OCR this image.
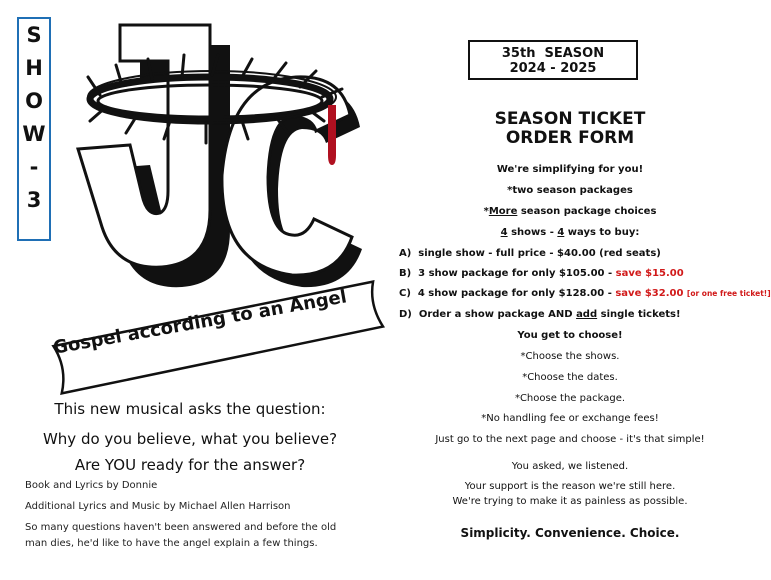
S
H
O
W
-
3
Gospel according to an Angel
This new musical asks the question:
Why do you believe, what you believe?
Are YOU ready for the answer?
Book and Lyrics by Donnie
Additional Lyrics and Music by Michael Allen Harrison
So many questions haven't been answered and before the old
man dies, he'd like to have the angel explain a few things.
35th  SEASON
2024 - 2025
SEASON TICKET
ORDER FORM
We're simplifying for you!
*two season packages
*More season package choices
4 shows - 4 ways to buy:
A)  single show - full price - $40.00 (red seats)
B)  3 show package for only $105.00 - save $15.00
C)  4 show package for only $128.00 - save $32.00 [or one free ticket!]
D)  Order a show package AND add single tickets!
You get to choose!
*Choose the shows.
*Choose the dates.
*Choose the package.
*No handling fee or exchange fees!
Just go to the next page and choose - it's that simple!
You asked, we listened.
Your support is the reason we're still here.
We're trying to make it as painless as possible.
Simplicity. Convenience. Choice.
